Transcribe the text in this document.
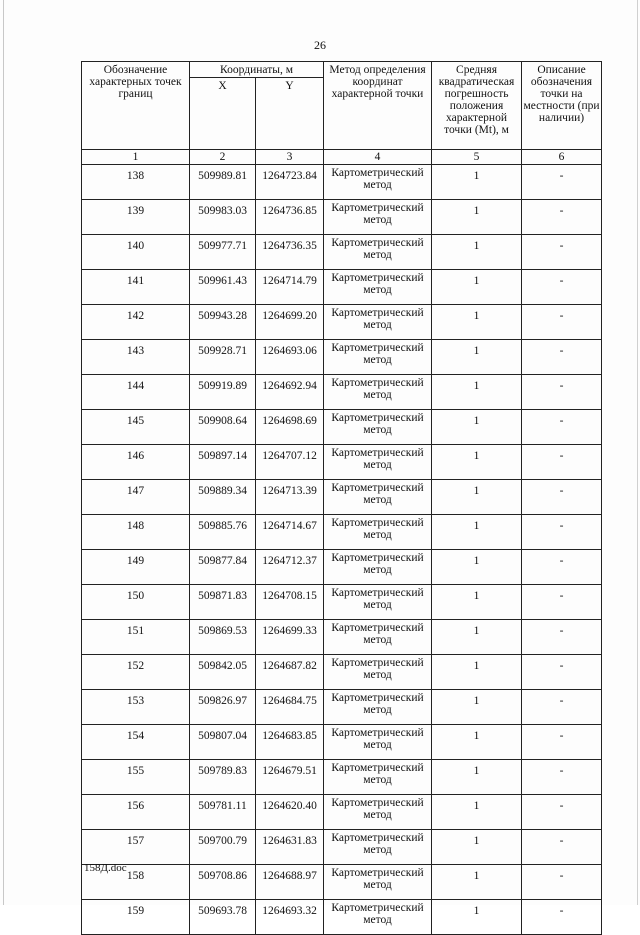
26
Обозначение характерных точек границ	Координаты, м		Метод определения координат характерной точки	Средняя квадратическая погрешность положения характерной точки (Mt), м	Описание обозначения точки на местности (при наличии)
	X	Y			
1	2	3	4	5	6
138	509989.81	1264723.84	Картометрический метод	1	-
139	509983.03	1264736.85	Картометрический метод	1	-
140	509977.71	1264736.35	Картометрический метод	1	-
141	509961.43	1264714.79	Картометрический метод	1	-
142	509943.28	1264699.20	Картометрический метод	1	-
143	509928.71	1264693.06	Картометрический метод	1	-
144	509919.89	1264692.94	Картометрический метод	1	-
145	509908.64	1264698.69	Картометрический метод	1	-
146	509897.14	1264707.12	Картометрический метод	1	-
147	509889.34	1264713.39	Картометрический метод	1	-
148	509885.76	1264714.67	Картометрический метод	1	-
149	509877.84	1264712.37	Картометрический метод	1	-
150	509871.83	1264708.15	Картометрический метод	1	-
151	509869.53	1264699.33	Картометрический метод	1	-
152	509842.05	1264687.82	Картометрический метод	1	-
153	509826.97	1264684.75	Картометрический метод	1	-
154	509807.04	1264683.85	Картометрический метод	1	-
155	509789.83	1264679.51	Картометрический метод	1	-
156	509781.11	1264620.40	Картометрический метод	1	-
157	509700.79	1264631.83	Картометрический метод	1	-
158	509708.86	1264688.97	Картометрический метод	1	-
159	509693.78	1264693.32	Картометрический метод	1	-
158Д.doc
